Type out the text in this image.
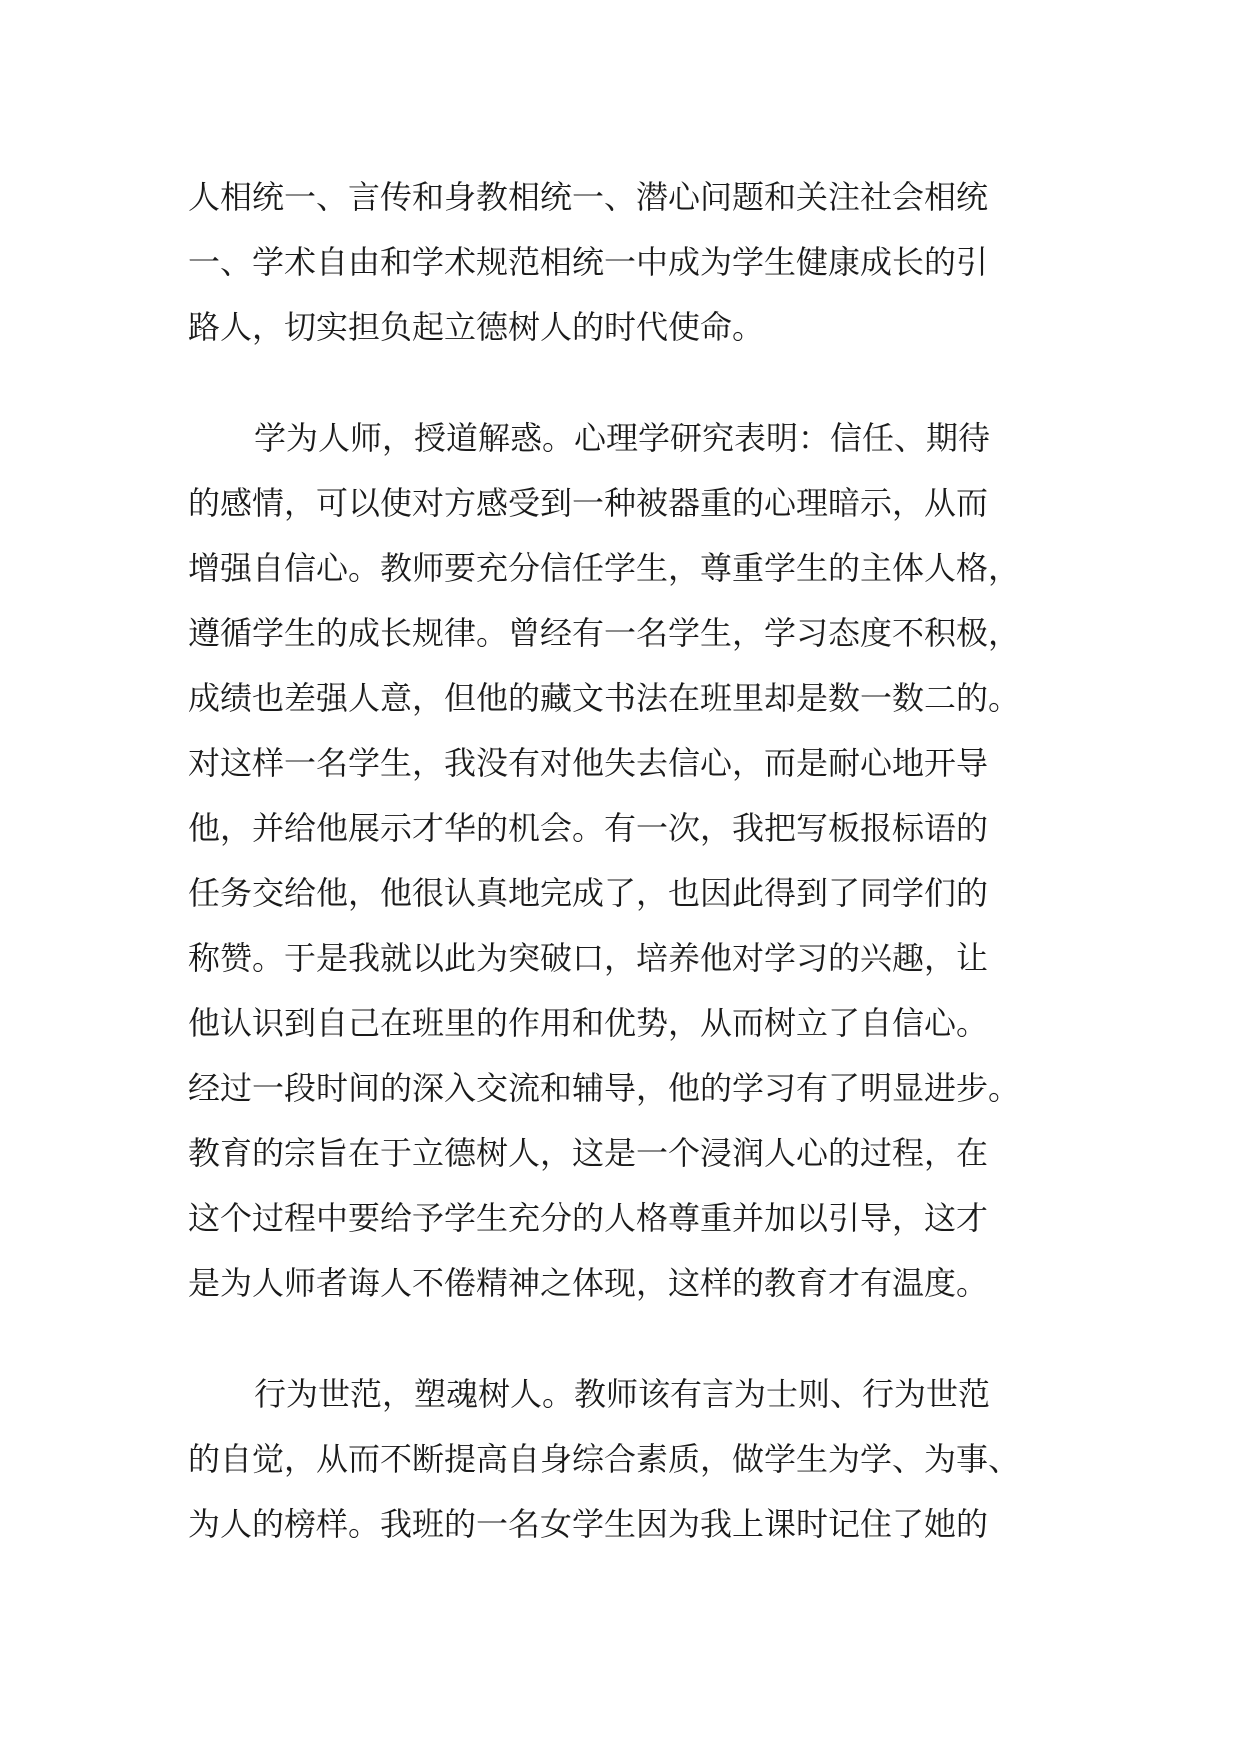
人相统一、言传和身教相统一、潜心问题和关注社会相统
一、学术自由和学术规范相统一中成为学生健康成长的引
路人，切实担负起立德树人的时代使命。
学为人师，授道解惑。心理学研究表明：信任、期待
的感情，可以使对方感受到一种被器重的心理暗示，从而
增强自信心。教师要充分信任学生，尊重学生的主体人格，
遵循学生的成长规律。曾经有一名学生，学习态度不积极，
成绩也差强人意，但他的藏文书法在班里却是数一数二的。
对这样一名学生，我没有对他失去信心，而是耐心地开导
他，并给他展示才华的机会。有一次，我把写板报标语的
任务交给他，他很认真地完成了，也因此得到了同学们的
称赞。于是我就以此为突破口，培养他对学习的兴趣，让
他认识到自己在班里的作用和优势，从而树立了自信心。
经过一段时间的深入交流和辅导，他的学习有了明显进步。
教育的宗旨在于立德树人，这是一个浸润人心的过程，在
这个过程中要给予学生充分的人格尊重并加以引导，这才
是为人师者诲人不倦精神之体现，这样的教育才有温度。
行为世范，塑魂树人。教师该有言为士则、行为世范
的自觉，从而不断提高自身综合素质，做学生为学、为事、
为人的榜样。我班的一名女学生因为我上课时记住了她的
